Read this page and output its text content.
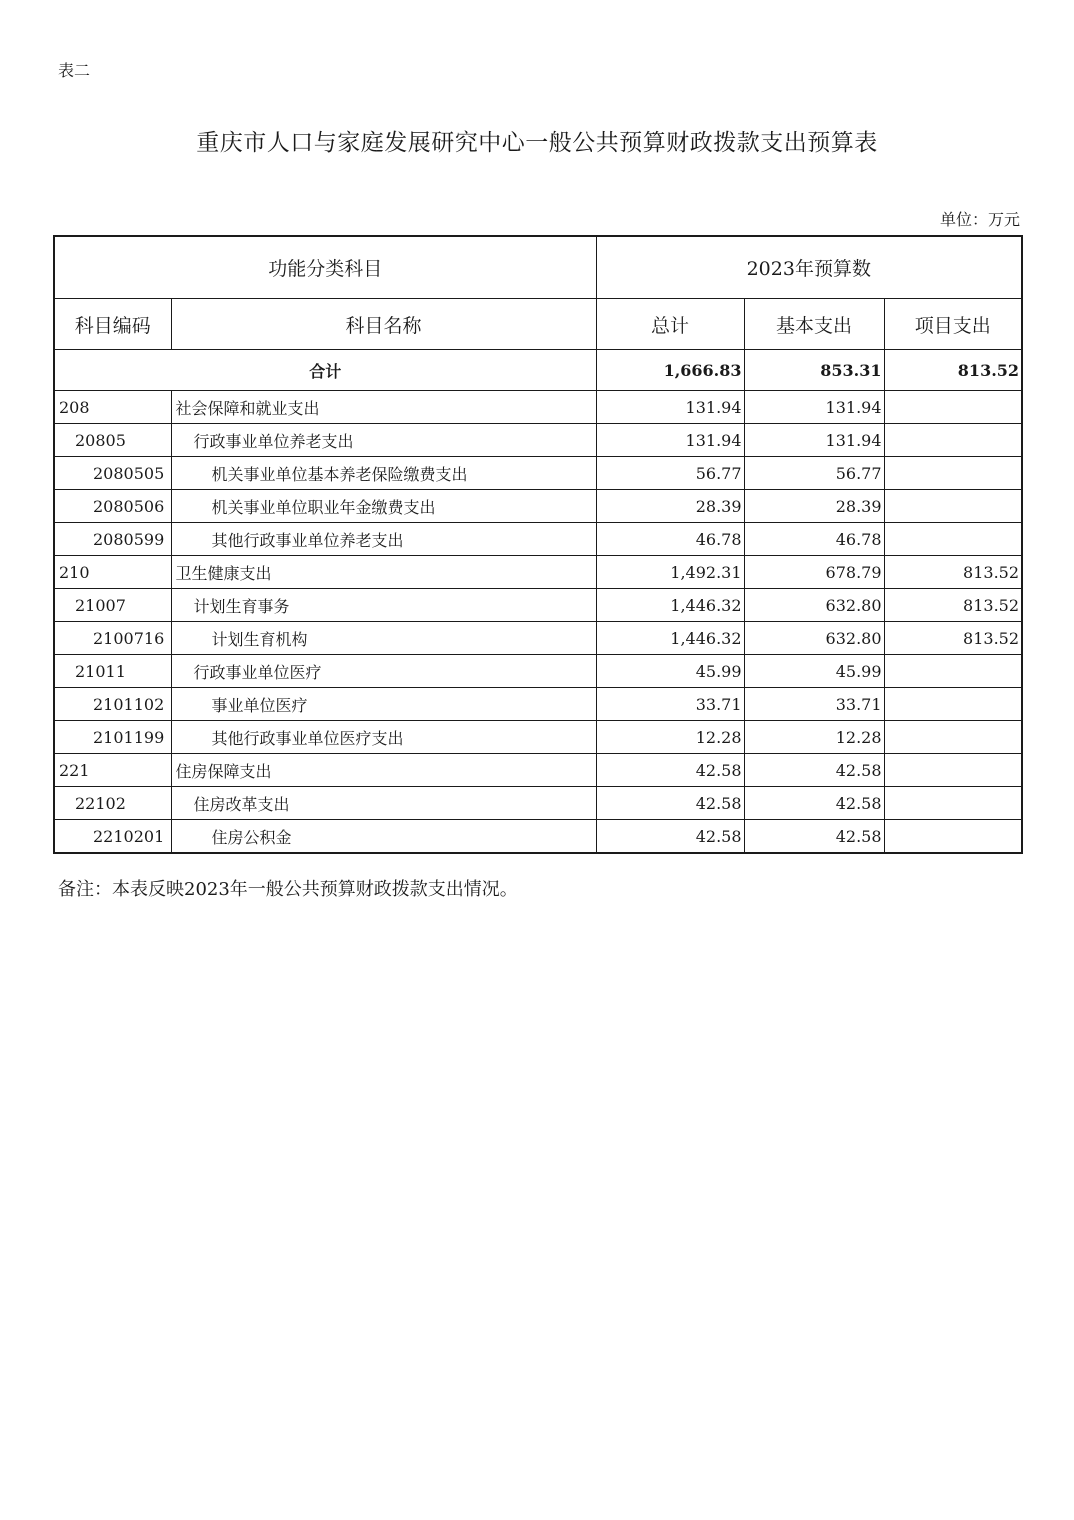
表二
重庆市人口与家庭发展研究中心一般公共预算财政拨款支出预算表
单位：万元
功能分类科目		2023年预算数		
科目编码	科目名称	总计	基本支出	项目支出
合计		1,666.83	853.31	813.52
208	社会保障和就业支出	131.94	131.94	
20805	行政事业单位养老支出	131.94	131.94	
2080505	机关事业单位基本养老保险缴费支出	56.77	56.77	
2080506	机关事业单位职业年金缴费支出	28.39	28.39	
2080599	其他行政事业单位养老支出	46.78	46.78	
210	卫生健康支出	1,492.31	678.79	813.52
21007	计划生育事务	1,446.32	632.80	813.52
2100716	计划生育机构	1,446.32	632.80	813.52
21011	行政事业单位医疗	45.99	45.99	
2101102	事业单位医疗	33.71	33.71	
2101199	其他行政事业单位医疗支出	12.28	12.28	
221	住房保障支出	42.58	42.58	
22102	住房改革支出	42.58	42.58	
2210201	住房公积金	42.58	42.58	
备注：本表反映2023年一般公共预算财政拨款支出情况。
